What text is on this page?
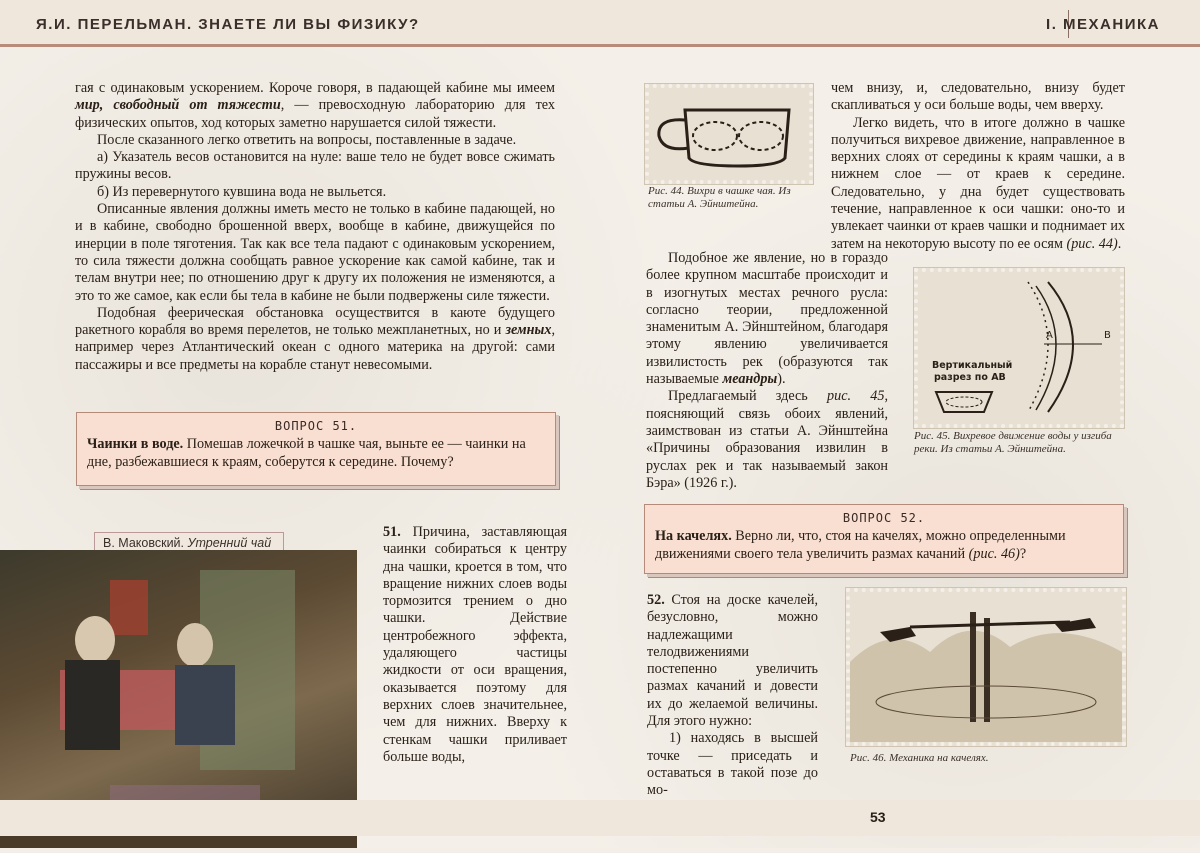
Я.И. ПЕРЕЛЬМАН. ЗНАЕТЕ ЛИ ВЫ ФИЗИКУ?	I. МЕХАНИКА

гая с одинаковым ускорением. Короче говоря, в падающей кабине мы имеем мир, свободный от тяжести, — превосходную лабораторию для тех физических опытов, ход которых заметно нарушается силой тяжести.

После сказанного легко ответить на вопросы, поставленные в задаче.

а) Указатель весов остановится на нуле: ваше тело не будет вовсе сжимать пружины весов.

б) Из перевернутого кувшина вода не выльется.

Описанные явления должны иметь место не только в кабине падающей, но и в кабине, свободно брошенной вверх, вообще в кабине, движущейся по инерции в поле тяготения. Так как все тела падают с одинаковым ускорением, то сила тяжести должна сообщать равное ускорение как самой кабине, так и телам внутри нее; по отношению друг к другу их положения не изменяются, а это то же самое, как если бы тела в кабине не были подвержены силе тяжести.

Подобная феерическая обстановка осуществится в каюте будущего ракетного корабля во время перелетов, не только межпланетных, но и земных, например через Атлантический океан с одного материка на другой: сами пассажиры и все предметы на корабле станут невесомыми.

ВОПРОС 51.
Чаинки в воде. Помешав ложечкой в чашке чая, выньте ее — чаинки на дне, разбежавшиеся к краям, соберутся к середине. Почему?
В. Маковский. Утренний чай

51. Причина, заставляющая чаинки собираться к центру дна чашки, кроется в том, что вращение нижних слоев воды тормозится трением о дно чашки. Действие центробежного эффекта, удаляющего частицы жидкости от оси вращения, оказывается поэтому для верхних слоев значительнее, чем для нижних. Вверху к стенкам чашки приливает больше воды,

Рис. 44. Вихри в чашке чая. Из статьи А. Эйнштейна.

чем внизу, и, следовательно, внизу будет скапливаться у оси больше воды, чем вверху.

Легко видеть, что в итоге должно в чашке получиться вихревое движение, направленное в верхних слоях от середины к краям чашки, а в нижнем слое — от краев к середине. Следовательно, у дна будет существовать течение, направленное к оси чашки: оно-то и увлекает чаинки от краев чашки и поднимает их затем на некоторую высоту по ее осям (рис. 44).

Подобное же явление, но в гораздо более крупном масштабе происходит и в изогнутых местах речного русла: согласно теории, предложенной знаменитым А. Эйнштейном, благодаря этому явлению увеличивается извилистость рек (образуются так называемые меандры).

Предлагаемый здесь рис. 45, поясняющий связь обоих явлений, заимствован из статьи А. Эйнштейна «Причины образования извилин в руслах рек и так называемый закон Бэра» (1926 г.).

А	В
Вертикальный
разрез по АВ
Рис. 45. Вихревое движение воды у изгиба реки. Из статьи А. Эйнштейна.
ВОПРОС 52.
На качелях. Верно ли, что, стоя на качелях, можно определенными движениями своего тела увеличить размах качаний (рис. 46)?

52. Стоя на доске качелей, безусловно, можно надлежащими телодвижениями постепенно увеличить размах качаний и довести их до желаемой величины. Для этого нужно:

1) находясь в высшей точке — приседать и оставаться в такой позе до мо-

Рис. 46. Механика на качелях.
53
